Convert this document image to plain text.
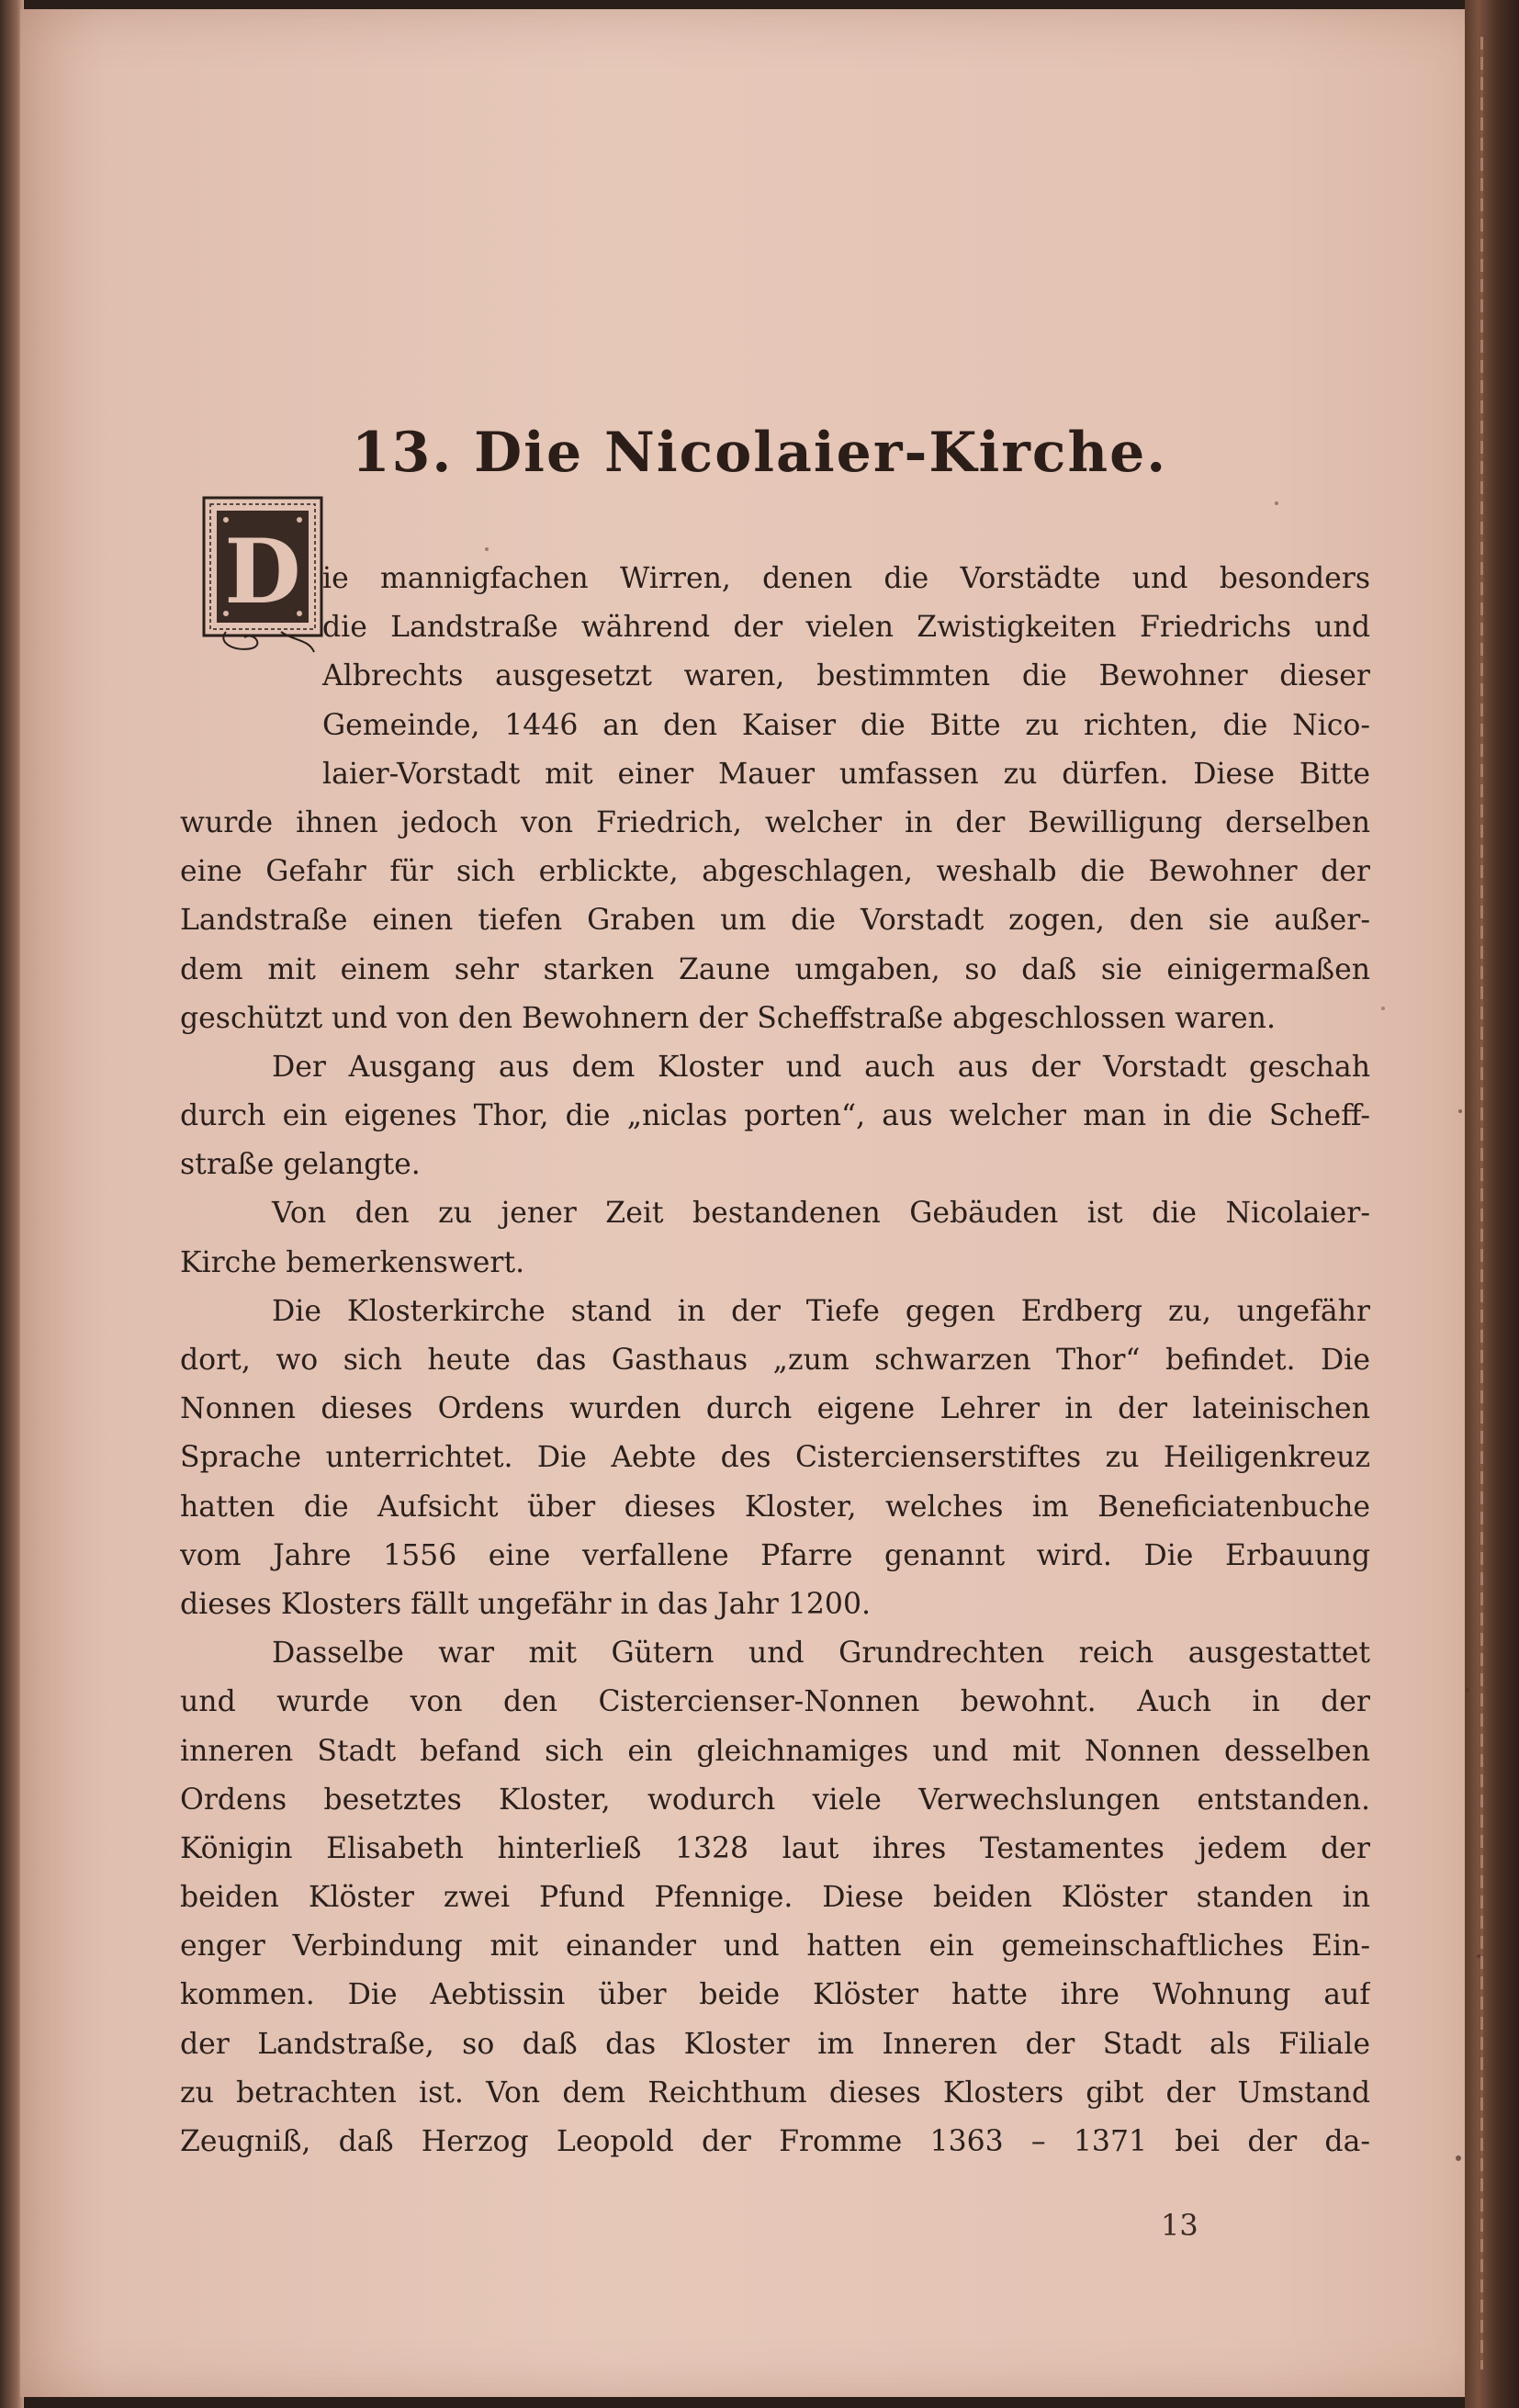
13. Die Nicolaier-Kirche.
D ie mannigfachen Wirren, denen die Vorstädte und besonders
die Landstraße während der vielen Zwistigkeiten Friedrichs und
Albrechts ausgesetzt waren, bestimmten die Bewohner dieser
Gemeinde, 1446 an den Kaiser die Bitte zu richten, die Nico-
laier-Vorstadt mit einer Mauer umfassen zu dürfen. Diese Bitte
wurde ihnen jedoch von Friedrich, welcher in der Bewilligung derselben
eine Gefahr für sich erblickte, abgeschlagen, weshalb die Bewohner der
Landstraße einen tiefen Graben um die Vorstadt zogen, den sie außer-
dem mit einem sehr starken Zaune umgaben, so daß sie einigermaßen
geschützt und von den Bewohnern der Scheffstraße abgeschlossen waren.
Der Ausgang aus dem Kloster und auch aus der Vorstadt geschah
durch ein eigenes Thor, die „niclas porten“, aus welcher man in die Scheff-
straße gelangte.
Von den zu jener Zeit bestandenen Gebäuden ist die Nicolaier-
Kirche bemerkenswert.
Die Klosterkirche stand in der Tiefe gegen Erdberg zu, ungefähr
dort, wo sich heute das Gasthaus „zum schwarzen Thor“ befindet. Die
Nonnen dieses Ordens wurden durch eigene Lehrer in der lateinischen
Sprache unterrichtet. Die Aebte des Cistercienserstiftes zu Heiligenkreuz
hatten die Aufsicht über dieses Kloster, welches im Beneficiatenbuche
vom Jahre 1556 eine verfallene Pfarre genannt wird. Die Erbauung
dieses Klosters fällt ungefähr in das Jahr 1200.
Dasselbe war mit Gütern und Grundrechten reich ausgestattet
und wurde von den Cistercienser-Nonnen bewohnt. Auch in der
inneren Stadt befand sich ein gleichnamiges und mit Nonnen desselben
Ordens besetztes Kloster, wodurch viele Verwechslungen entstanden.
Königin Elisabeth hinterließ 1328 laut ihres Testamentes jedem der
beiden Klöster zwei Pfund Pfennige. Diese beiden Klöster standen in
enger Verbindung mit einander und hatten ein gemeinschaftliches Ein-
kommen. Die Aebtissin über beide Klöster hatte ihre Wohnung auf
der Landstraße, so daß das Kloster im Inneren der Stadt als Filiale
zu betrachten ist. Von dem Reichthum dieses Klosters gibt der Umstand
Zeugniß, daß Herzog Leopold der Fromme 1363 – 1371 bei der da-
13
